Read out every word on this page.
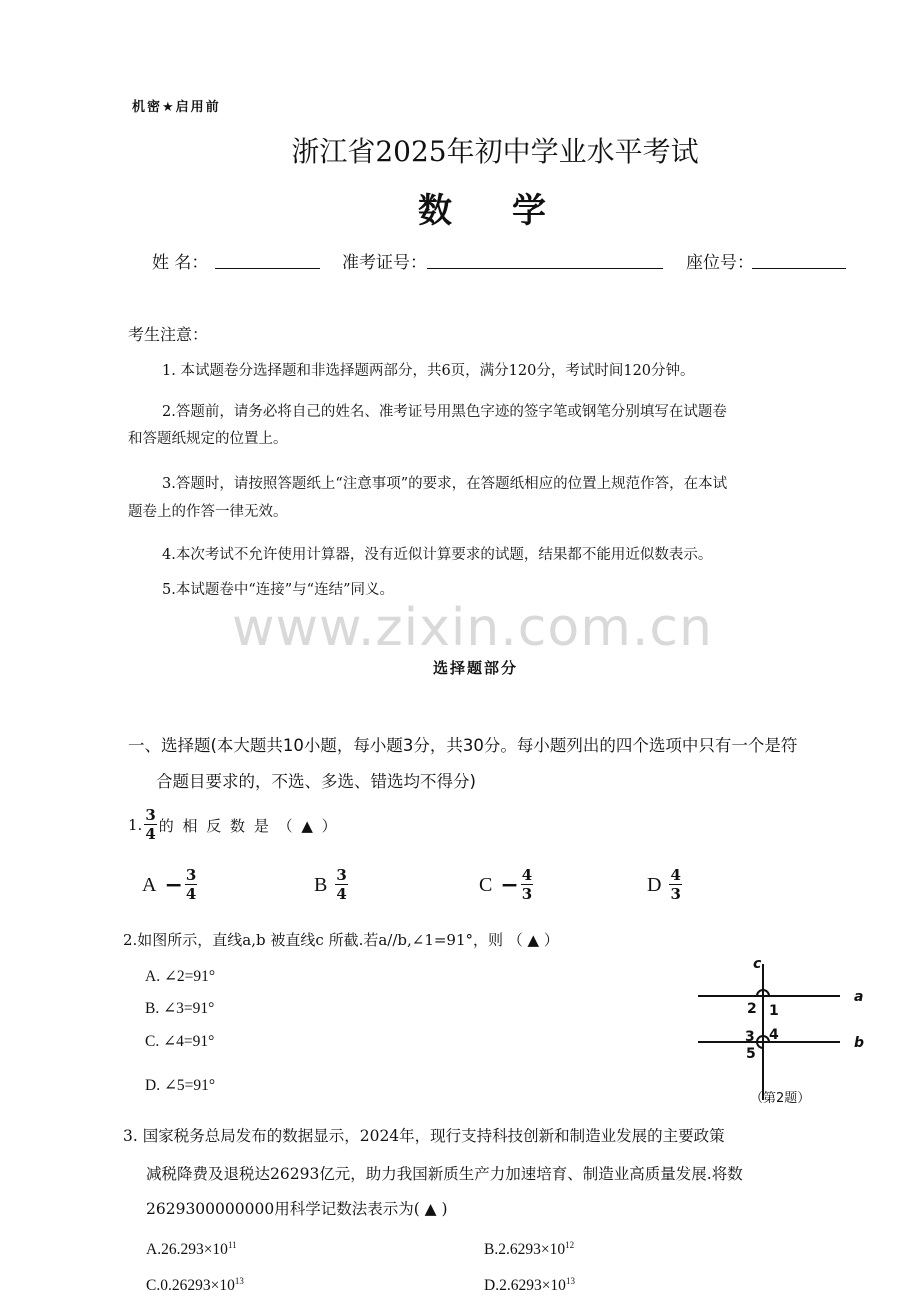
机密★启用前
浙江省2025年初中学业水平考试
数学
姓 名：	准考证号：	座位号：
考生注意：
1. 本试题卷分选择题和非选择题两部分，共6页，满分120分，考试时间120分钟。
2.答题前，请务必将自己的姓名、准考证号用黑色字迹的签字笔或钢笔分别填写在试题卷
和答题纸规定的位置上。
3.答题时，请按照答题纸上“注意事项”的要求，在答题纸相应的位置上规范作答，在本试
题卷上的作答一律无效。
4.本次考试不允许使用计算器，没有近似计算要求的试题，结果都不能用近似数表示。
5.本试题卷中“连接”与“连结”同义。
www.zixin.com.cn
选择题部分
一、选择题(本大题共10小题，每小题3分，共30分。每小题列出的四个选项中只有一个是符
合题目要求的，不选、多选、错选均不得分)
1. $\frac{3}{4}$ 的 相 反 数 是 （ ▲ ）
$A - \frac{3}{4}$	B $\frac{3}{4}$	$C - \frac{4}{3}$	D $\frac{4}{3}$
2.如图所示，直线a,b 被直线c 所截.若a//b,∠1=91°，则 （ ▲ ）
A. ∠2=91°
B. ∠3=91°
C. ∠4=91°
D. ∠5=91°
c
a
b
2 1
3 4
5
（第2题）
3. 国家税务总局发布的数据显示，2024年，现行支持科技创新和制造业发展的主要政策
减税降费及退税达26293亿元，助力我国新质生产力加速培育、制造业高质量发展.将数
2629300000000用科学记数法表示为( ▲ )
$A.26.293\times 10^{11}$	$B.2.6293\times 10^{12}$
$C.0.26293\times 10^{13}$	$D.2.6293\times 10^{13}$
